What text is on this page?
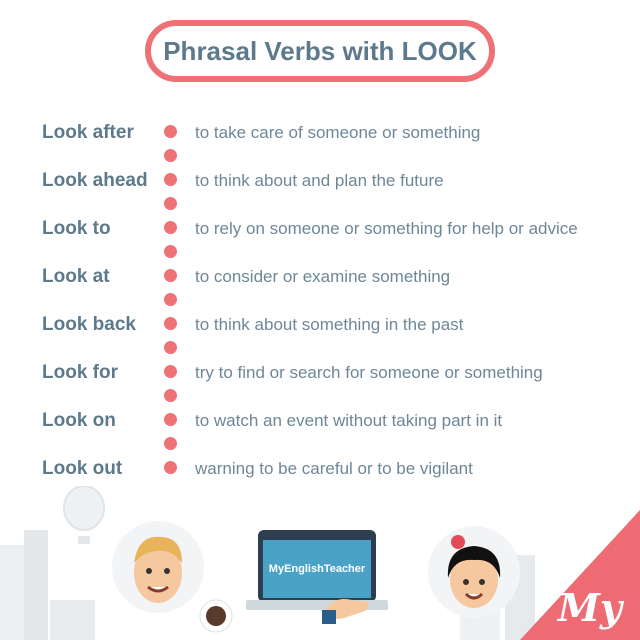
Phrasal Verbs with LOOK
Look after	to take care of someone or something
Look ahead	to think about and plan the future
Look to	to rely on someone or something for help or advice
Look at	to consider or examine something
Look back	to think about something in the past
Look for	try to find or search for someone or something
Look on	to watch an event without taking part in it
Look out	warning to be careful or to be vigilant
MyEnglishTeacher
My
